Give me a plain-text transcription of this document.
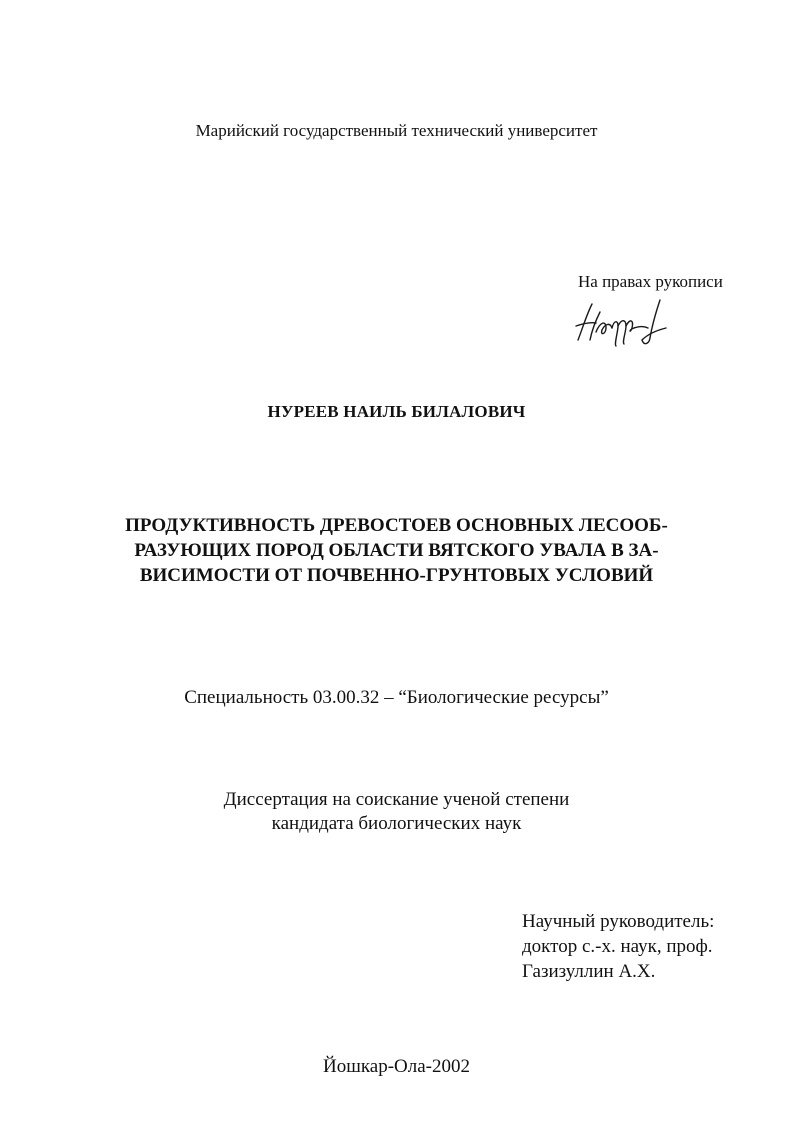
Марийский государственный технический университет
На правах рукописи
НУРЕЕВ НАИЛЬ БИЛАЛОВИЧ
ПРОДУКТИВНОСТЬ ДРЕВОСТОЕВ ОСНОВНЫХ ЛЕСООБ-
РАЗУЮЩИХ ПОРОД ОБЛАСТИ ВЯТСКОГО УВАЛА В ЗА-
ВИСИМОСТИ ОТ ПОЧВЕННО-ГРУНТОВЫХ УСЛОВИЙ
Специальность 03.00.32 – “Биологические ресурсы”
Диссертация на соискание ученой степени
кандидата биологических наук
Научный руководитель:
доктор с.-х. наук, проф.
Газизуллин А.Х.
Йошкар-Ола-2002
